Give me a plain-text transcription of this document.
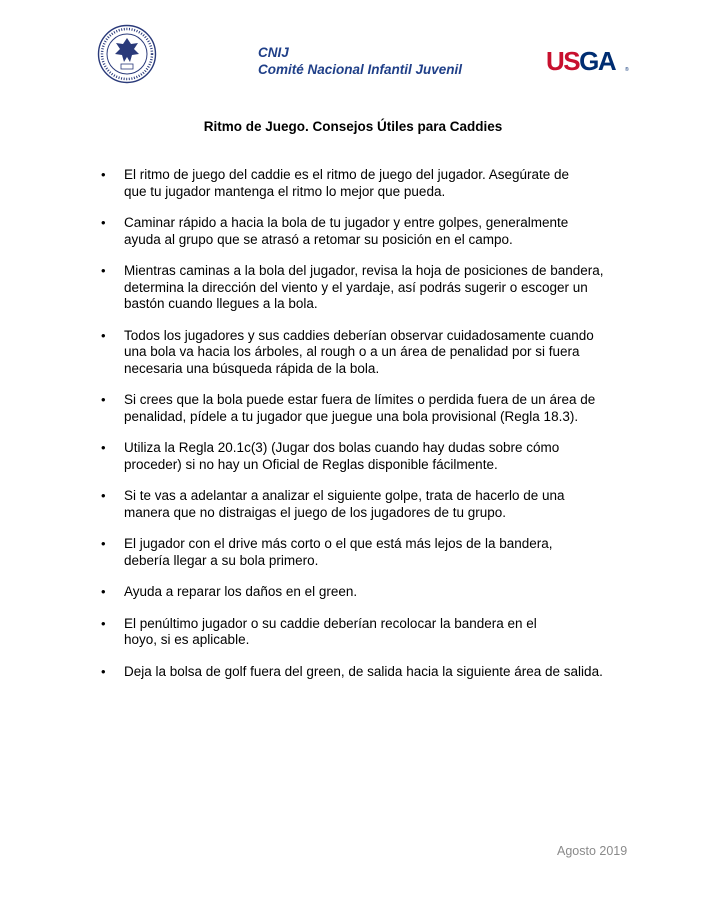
CNIJ
Comité Nacional Infantil Juvenil	USGA	®
Ritmo de Juego. Consejos Útiles para Caddies
• El ritmo de juego del caddie es el ritmo de juego del jugador. Asegúrate de
que tu jugador mantenga el ritmo lo mejor que pueda.
• Caminar rápido a hacia la bola de tu jugador y entre golpes, generalmente
ayuda al grupo que se atrasó a retomar su posición en el campo.
• Mientras caminas a la bola del jugador, revisa la hoja de posiciones de bandera,
determina la dirección del viento y el yardaje, así podrás sugerir o escoger un
bastón cuando llegues a la bola.
• Todos los jugadores y sus caddies deberían observar cuidadosamente cuando
una bola va hacia los árboles, al rough o a un área de penalidad por si fuera
necesaria una búsqueda rápida de la bola.
• Si crees que la bola puede estar fuera de límites o perdida fuera de un área de
penalidad, pídele a tu jugador que juegue una bola provisional (Regla 18.3).
• Utiliza la Regla 20.1c(3) (Jugar dos bolas cuando hay dudas sobre cómo
proceder) si no hay un Oficial de Reglas disponible fácilmente.
• Si te vas a adelantar a analizar el siguiente golpe, trata de hacerlo de una
manera que no distraigas el juego de los jugadores de tu grupo.
• El jugador con el drive más corto o el que está más lejos de la bandera,
debería llegar a su bola primero.
• Ayuda a reparar los daños en el green.
• El penúltimo jugador o su caddie deberían recolocar la bandera en el
hoyo, si es aplicable.
• Deja la bolsa de golf fuera del green, de salida hacia la siguiente área de salida.
Agosto 2019
